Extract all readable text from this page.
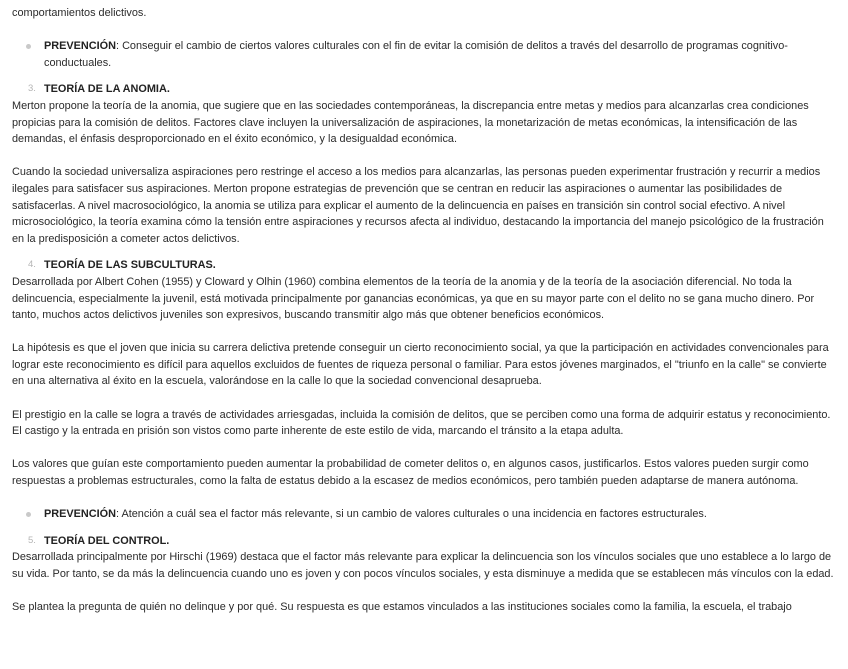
comportamientos delictivos.

PREVENCIÓN: Conseguir el cambio de ciertos valores culturales con el fin de evitar la comisión de delitos a través del desarrollo de programas cognitivo-conductuales.
3. TEORÍA DE LA ANOMIA.

Merton propone la teoría de la anomia, que sugiere que en las sociedades contemporáneas, la discrepancia entre metas y medios para alcanzarlas crea condiciones propicias para la comisión de delitos. Factores clave incluyen la universalización de aspiraciones, la monetarización de metas económicas, la intensificación de las demandas, el énfasis desproporcionado en el éxito económico, y la desigualdad económica.

Cuando la sociedad universaliza aspiraciones pero restringe el acceso a los medios para alcanzarlas, las personas pueden experimentar frustración y recurrir a medios ilegales para satisfacer sus aspiraciones. Merton propone estrategias de prevención que se centran en reducir las aspiraciones o aumentar las posibilidades de satisfacerlas. A nivel macrosociológico, la anomia se utiliza para explicar el aumento de la delincuencia en países en transición sin control social efectivo. A nivel microsociológico, la teoría examina cómo la tensión entre aspiraciones y recursos afecta al individuo, destacando la importancia del manejo psicológico de la frustración en la predisposición a cometer actos delictivos.

4. TEORÍA DE LAS SUBCULTURAS.

Desarrollada por Albert Cohen (1955) y Cloward y Olhin (1960) combina elementos de la teoría de la anomia y de la teoría de la asociación diferencial. No toda la delincuencia, especialmente la juvenil, está motivada principalmente por ganancias económicas, ya que en su mayor parte con el delito no se gana mucho dinero. Por tanto, muchos actos delictivos juveniles son expresivos, buscando transmitir algo más que obtener beneficios económicos.

La hipótesis es que el joven que inicia su carrera delictiva pretende conseguir un cierto reconocimiento social, ya que la participación en actividades convencionales para lograr este reconocimiento es difícil para aquellos excluidos de fuentes de riqueza personal o familiar. Para estos jóvenes marginados, el "triunfo en la calle" se convierte en una alternativa al éxito en la escuela, valorándose en la calle lo que la sociedad convencional desaprueba.

El prestigio en la calle se logra a través de actividades arriesgadas, incluida la comisión de delitos, que se perciben como una forma de adquirir estatus y reconocimiento. El castigo y la entrada en prisión son vistos como parte inherente de este estilo de vida, marcando el tránsito a la etapa adulta.

Los valores que guían este comportamiento pueden aumentar la probabilidad de cometer delitos o, en algunos casos, justificarlos. Estos valores pueden surgir como respuestas a problemas estructurales, como la falta de estatus debido a la escasez de medios económicos, pero también pueden adaptarse de manera autónoma.

PREVENCIÓN: Atención a cuál sea el factor más relevante, si un cambio de valores culturales o una incidencia en factores estructurales.
5. TEORÍA DEL CONTROL.

Desarrollada principalmente por Hirschi (1969) destaca que el factor más relevante para explicar la delincuencia son los vínculos sociales que uno establece a lo largo de su vida. Por tanto, se da más la delincuencia cuando uno es joven y con pocos vínculos sociales, y esta disminuye a medida que se establecen más vínculos con la edad.

Se plantea la pregunta de quién no delinque y por qué. Su respuesta es que estamos vinculados a las instituciones sociales como la familia, la escuela, el trabajo
